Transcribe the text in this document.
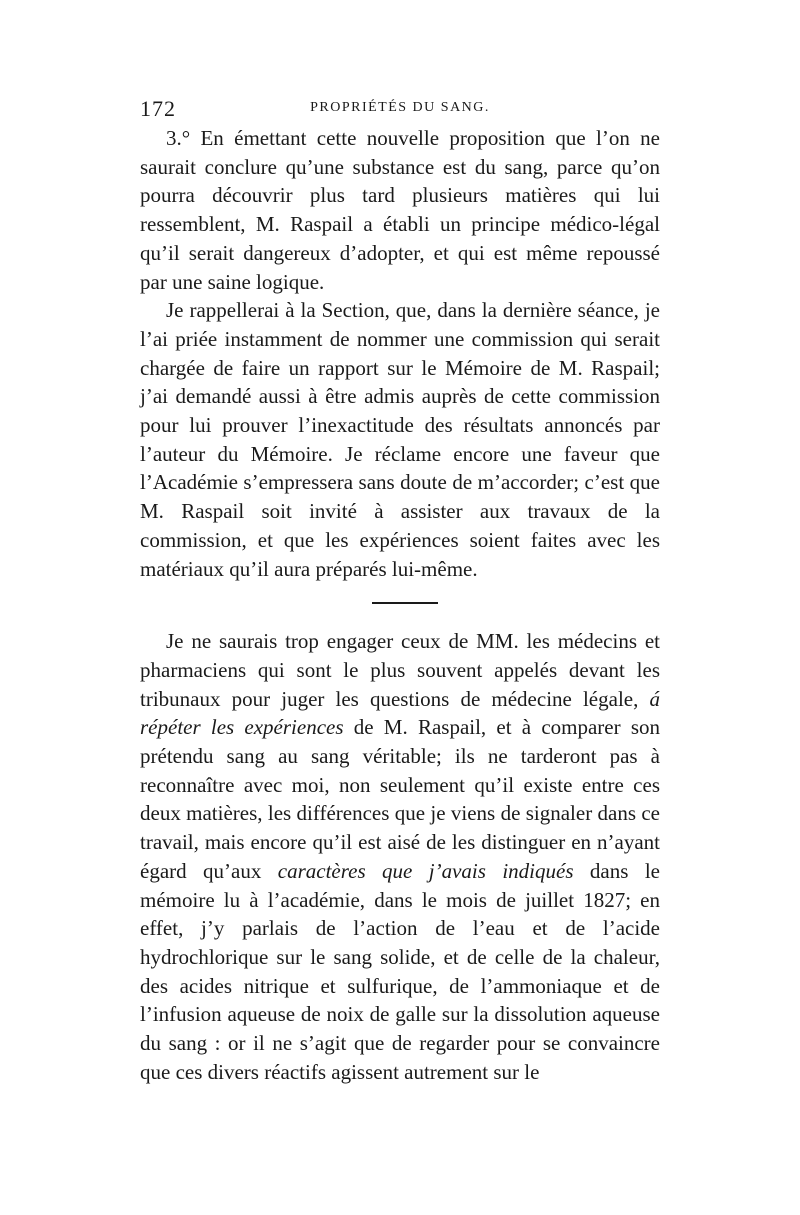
172	PROPRIÉTÉS DU SANG.

3.° En émettant cette nouvelle proposition que l’on ne saurait conclure qu’une substance est du sang, parce qu’on pourra découvrir plus tard plusieurs matières qui lui ressemblent, M. Raspail a établi un principe médico-légal qu’il serait dangereux d’adopter, et qui est même repoussé par une saine logique.

Je rappellerai à la Section, que, dans la dernière séance, je l’ai priée instamment de nommer une commission qui serait chargée de faire un rapport sur le Mémoire de M. Raspail; j’ai demandé aussi à être admis auprès de cette commission pour lui prouver l’inexactitude des résultats annoncés par l’auteur du Mémoire. Je réclame encore une faveur que l’Académie s’empressera sans doute de m’accorder; c’est que M. Raspail soit invité à assister aux travaux de la commission, et que les expériences soient faites avec les matériaux qu’il aura préparés lui-même.

Je ne saurais trop engager ceux de MM. les médecins et pharmaciens qui sont le plus souvent appelés devant les tribunaux pour juger les questions de médecine légale, á répéter les expériences de M. Raspail, et à comparer son prétendu sang au sang véritable; ils ne tarderont pas à reconnaître avec moi, non seulement qu’il existe entre ces deux matières, les différences que je viens de signaler dans ce travail, mais encore qu’il est aisé de les distinguer en n’ayant égard qu’aux caractères que j’avais indiqués dans le mémoire lu à l’académie, dans le mois de juillet 1827; en effet, j’y parlais de l’action de l’eau et de l’acide hydrochlorique sur le sang solide, et de celle de la chaleur, des acides nitrique et sulfurique, de l’ammoniaque et de l’infusion aqueuse de noix de galle sur la dissolution aqueuse du sang : or il ne s’agit que de regarder pour se convaincre que ces divers réactifs agissent autrement sur le
